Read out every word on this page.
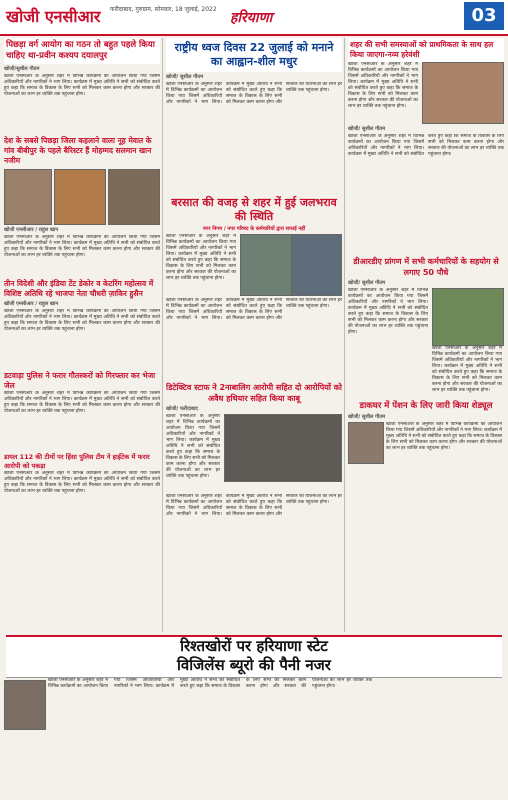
खोजी एनसीआर फरीदाबाद, गुरुग्राम, सोमवार, 18 जुलाई, 2022
हरियाणा	03
पिछड़ा वर्ग आयोग का गठन तो बहुत पहले किया चाहिए था-प्रवीन कश्यप दयालपुर
खोजी/सुशील गौतम
खोजी एनसीआर के अनुसार शहर में विभिन्न कार्यक्रमों का आयोजन किया गया जिसमें अधिकारियों और नागरिकों ने भाग लिया। कार्यक्रम में मुख्य अतिथि ने सभी को संबोधित करते हुए कहा कि समाज के विकास के लिए सभी को मिलकर काम करना होगा और सरकार की योजनाओं का लाभ हर व्यक्ति तक पहुंचाना होगा।
देश के सबसे पिछड़ा जिला कहलाने वाला नूह मेवात के गांव बीबीपुर के पहले बैरिस्टर हैं मोहम्मद सलमान खान नजीम
खोजी एनसीआर / राहुल खान
खोजी एनसीआर के अनुसार शहर में विभिन्न कार्यक्रमों का आयोजन किया गया जिसमें अधिकारियों और नागरिकों ने भाग लिया। कार्यक्रम में मुख्य अतिथि ने सभी को संबोधित करते हुए कहा कि समाज के विकास के लिए सभी को मिलकर काम करना होगा और सरकार की योजनाओं का लाभ हर व्यक्ति तक पहुंचाना होगा।
तीन विदेशी और इंडिया टेंट डेकोर व केटरिंग महोत्सव में विशिष्ट अतिथि रहे भाजपा नेता चौधरी ज़ाकिर हुसैन
खोजी एनसीआर / राहुल खान
खोजी एनसीआर के अनुसार शहर में विभिन्न कार्यक्रमों का आयोजन किया गया जिसमें अधिकारियों और नागरिकों ने भाग लिया। कार्यक्रम में मुख्य अतिथि ने सभी को संबोधित करते हुए कहा कि समाज के विकास के लिए सभी को मिलकर काम करना होगा और सरकार की योजनाओं का लाभ हर व्यक्ति तक पहुंचाना होगा।
डटवाड़ा पुलिस ने फरार गौतस्करों को गिरफ्तार कर भेजा जेल
खोजी एनसीआर के अनुसार शहर में विभिन्न कार्यक्रमों का आयोजन किया गया जिसमें अधिकारियों और नागरिकों ने भाग लिया। कार्यक्रम में मुख्य अतिथि ने सभी को संबोधित करते हुए कहा कि समाज के विकास के लिए सभी को मिलकर काम करना होगा और सरकार की योजनाओं का लाभ हर व्यक्ति तक पहुंचाना होगा।
डायल 112 की टीमों पर हिंसा पुलिस टीम ने हाईटेक में फरार आरोपी को पकड़ा
खोजी एनसीआर के अनुसार शहर में विभिन्न कार्यक्रमों का आयोजन किया गया जिसमें अधिकारियों और नागरिकों ने भाग लिया। कार्यक्रम में मुख्य अतिथि ने सभी को संबोधित करते हुए कहा कि समाज के विकास के लिए सभी को मिलकर काम करना होगा और सरकार की योजनाओं का लाभ हर व्यक्ति तक पहुंचाना होगा।
राष्ट्रीय ध्वज दिवस 22 जुलाई को मनाने का आह्वान-शील मधुर
खोजी/ सुशील गौतम
खोजी एनसीआर के अनुसार शहर में विभिन्न कार्यक्रमों का आयोजन किया गया जिसमें अधिकारियों और नागरिकों ने भाग लिया। कार्यक्रम में मुख्य अतिथि ने सभी को संबोधित करते हुए कहा कि समाज के विकास के लिए सभी को मिलकर काम करना होगा और सरकार की योजनाओं का लाभ हर व्यक्ति तक पहुंचाना होगा।
बरसात की वजह से शहर में हुई जलभराव की स्थिति
नगर निगम / नगर परिषद के कर्मचारियों द्वारा सफाई नहीं
खोजी एनसीआर के अनुसार शहर में विभिन्न कार्यक्रमों का आयोजन किया गया जिसमें अधिकारियों और नागरिकों ने भाग लिया। कार्यक्रम में मुख्य अतिथि ने सभी को संबोधित करते हुए कहा कि समाज के विकास के लिए सभी को मिलकर काम करना होगा और सरकार की योजनाओं का लाभ हर व्यक्ति तक पहुंचाना होगा।
खोजी एनसीआर के अनुसार शहर में विभिन्न कार्यक्रमों का आयोजन किया गया जिसमें अधिकारियों और नागरिकों ने भाग लिया। कार्यक्रम में मुख्य अतिथि ने सभी को संबोधित करते हुए कहा कि समाज के विकास के लिए सभी को मिलकर काम करना होगा और सरकार की योजनाओं का लाभ हर व्यक्ति तक पहुंचाना होगा।
डिटेक्टिव स्टाफ ने 2नाबालिग आरोपी सहित दो आरोपियों को अवैध हथियार सहित किया काबू
खोजी/ फरीदाबाद
खोजी एनसीआर के अनुसार शहर में विभिन्न कार्यक्रमों का आयोजन किया गया जिसमें अधिकारियों और नागरिकों ने भाग लिया। कार्यक्रम में मुख्य अतिथि ने सभी को संबोधित करते हुए कहा कि समाज के विकास के लिए सभी को मिलकर काम करना होगा और सरकार की योजनाओं का लाभ हर व्यक्ति तक पहुंचाना होगा।
खोजी एनसीआर के अनुसार शहर में विभिन्न कार्यक्रमों का आयोजन किया गया जिसमें अधिकारियों और नागरिकों ने भाग लिया। कार्यक्रम में मुख्य अतिथि ने सभी को संबोधित करते हुए कहा कि समाज के विकास के लिए सभी को मिलकर काम करना होगा और सरकार की योजनाओं का लाभ हर व्यक्ति तक पहुंचाना होगा।
शहर की सभी समस्याओं को प्राथमिकता के साथ हल किया जाएगा-नव्य हरेवंशी
खोजी एनसीआर के अनुसार शहर में विभिन्न कार्यक्रमों का आयोजन किया गया जिसमें अधिकारियों और नागरिकों ने भाग लिया। कार्यक्रम में मुख्य अतिथि ने सभी को संबोधित करते हुए कहा कि समाज के विकास के लिए सभी को मिलकर काम करना होगा और सरकार की योजनाओं का लाभ हर व्यक्ति तक पहुंचाना होगा।
खोजी/ सुशील गौतम
खोजी एनसीआर के अनुसार शहर में विभिन्न कार्यक्रमों का आयोजन किया गया जिसमें अधिकारियों और नागरिकों ने भाग लिया। कार्यक्रम में मुख्य अतिथि ने सभी को संबोधित करते हुए कहा कि समाज के विकास के लिए सभी को मिलकर काम करना होगा और सरकार की योजनाओं का लाभ हर व्यक्ति तक पहुंचाना होगा।
डीआरडीए प्रांगण में सभी कर्मचारियों के सहयोग से लगाए 50 पौधे
खोजी/ सुशील गौतम
खोजी एनसीआर के अनुसार शहर में विभिन्न कार्यक्रमों का आयोजन किया गया जिसमें अधिकारियों और नागरिकों ने भाग लिया। कार्यक्रम में मुख्य अतिथि ने सभी को संबोधित करते हुए कहा कि समाज के विकास के लिए सभी को मिलकर काम करना होगा और सरकार की योजनाओं का लाभ हर व्यक्ति तक पहुंचाना होगा।
खोजी एनसीआर के अनुसार शहर में विभिन्न कार्यक्रमों का आयोजन किया गया जिसमें अधिकारियों और नागरिकों ने भाग लिया। कार्यक्रम में मुख्य अतिथि ने सभी को संबोधित करते हुए कहा कि समाज के विकास के लिए सभी को मिलकर काम करना होगा और सरकार की योजनाओं का लाभ हर व्यक्ति तक पहुंचाना होगा।
डाकघर में पेंशन के लिए जारी किया शेड्यूल
खोजी/ सुशील गौतम
खोजी एनसीआर के अनुसार शहर में विभिन्न कार्यक्रमों का आयोजन किया गया जिसमें अधिकारियों और नागरिकों ने भाग लिया। कार्यक्रम में मुख्य अतिथि ने सभी को संबोधित करते हुए कहा कि समाज के विकास के लिए सभी को मिलकर काम करना होगा और सरकार की योजनाओं का लाभ हर व्यक्ति तक पहुंचाना होगा।
रिश्तखोरों पर हरियाणा स्टेट
विजिलेंस ब्यूरो की पैनी नजर
खोजी एनसीआर के अनुसार शहर में विभिन्न कार्यक्रमों का आयोजन किया गया जिसमें अधिकारियों और नागरिकों ने भाग लिया। कार्यक्रम में मुख्य अतिथि ने सभी को संबोधित करते हुए कहा कि समाज के विकास के लिए सभी को मिलकर काम करना होगा और सरकार की योजनाओं का लाभ हर व्यक्ति तक पहुंचाना होगा।
